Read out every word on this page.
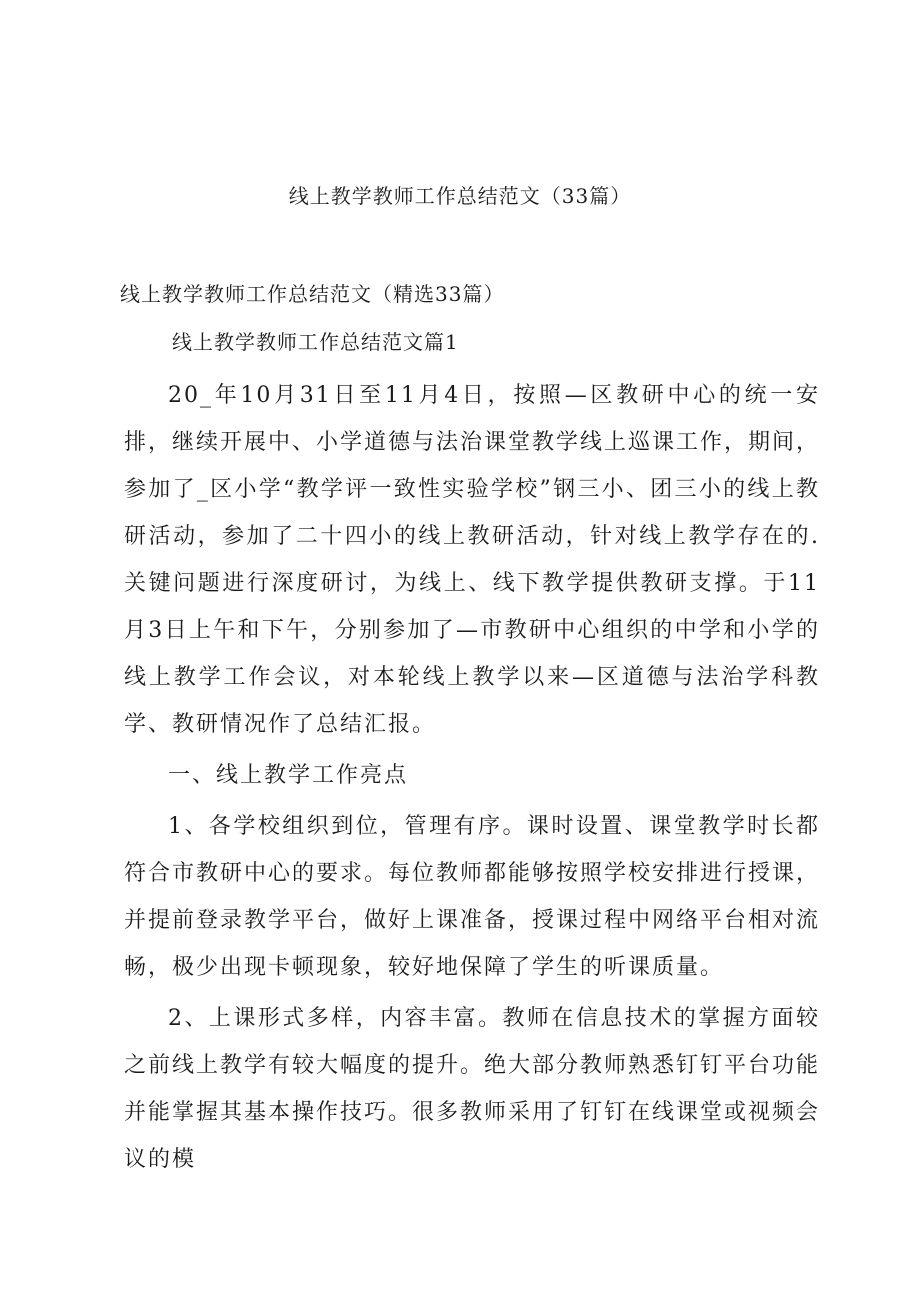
线上教学教师工作总结范文（33篇）
线上教学教师工作总结范文（精选33篇）
线上教学教师工作总结范文篇1

20_年10月31日至11月4日，按照—区教研中心的统一安排，继续开展中、小学道德与法治课堂教学线上巡课工作，期间，参加了_区小学“教学评一致性实验学校”钢三小、团三小的线上教研活动，参加了二十四小的线上教研活动，针对线上教学存在的.关键问题进行深度研讨，为线上、线下教学提供教研支撑。于11月3日上午和下午，分别参加了—市教研中心组织的中学和小学的线上教学工作会议，对本轮线上教学以来—区道德与法治学科教学、教研情况作了总结汇报。

一、线上教学工作亮点

1、各学校组织到位，管理有序。课时设置、课堂教学时长都符合市教研中心的要求。每位教师都能够按照学校安排进行授课，并提前登录教学平台，做好上课准备，授课过程中网络平台相对流畅，极少出现卡顿现象，较好地保障了学生的听课质量。

2、上课形式多样，内容丰富。教师在信息技术的掌握方面较之前线上教学有较大幅度的提升。绝大部分教师熟悉钉钉平台功能并能掌握其基本操作技巧。很多教师采用了钉钉在线课堂或视频会议的模
